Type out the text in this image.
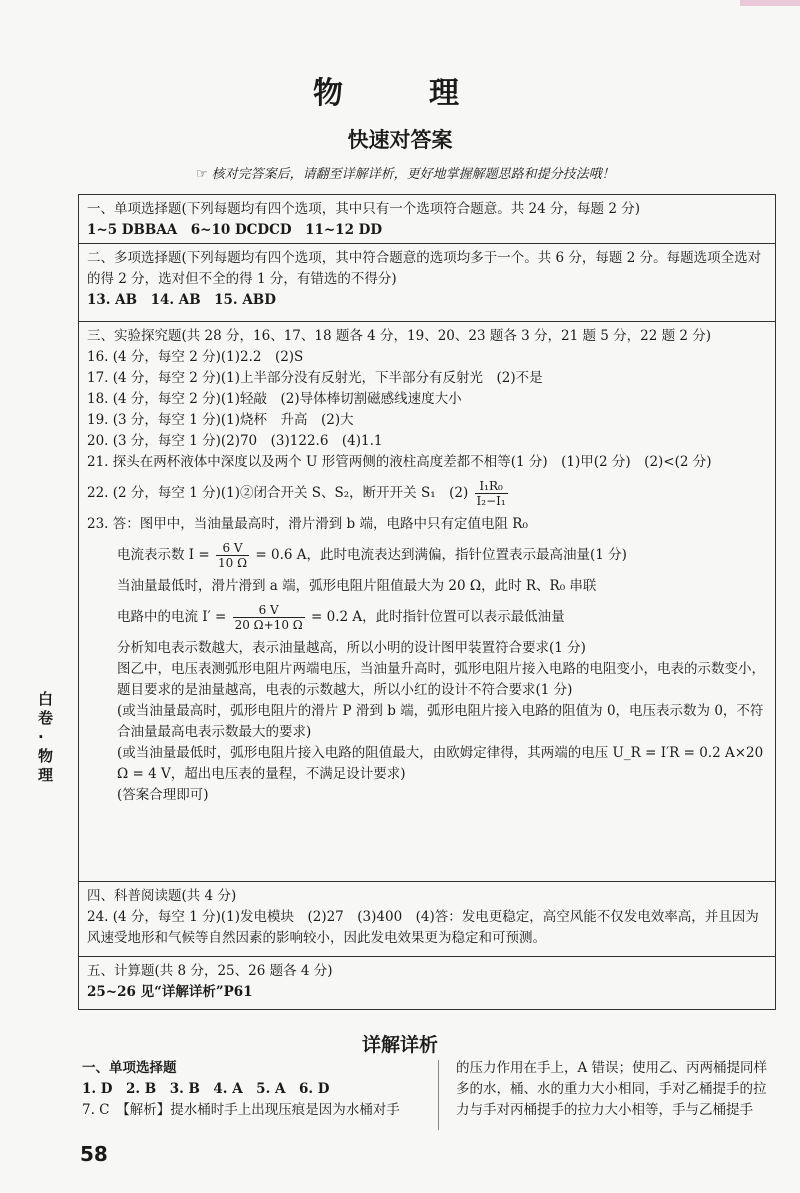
物　理
快速对答案
☞ 核对完答案后，请翻至详解详析，更好地掌握解题思路和提分技法哦！
一、单项选择题(下列每题均有四个选项，其中只有一个选项符合题意。共 24 分，每题 2 分)
1~5 DBBAA　6~10 DCDCD　11~12 DD
二、多项选择题(下列每题均有四个选项，其中符合题意的选项均多于一个。共 6 分，每题 2 分。每题选项全选对的得 2 分，选对但不全的得 1 分，有错选的不得分)
13. AB　14. AB　15. ABD
三、实验探究题(共 28 分，16、17、18 题各 4 分，19、20、23 题各 3 分，21 题 5 分，22 题 2 分)
16. (4 分，每空 2 分)(1)2.2　(2)S
17. (4 分，每空 2 分)(1)上半部分没有反射光，下半部分有反射光　(2)不是
18. (4 分，每空 2 分)(1)轻敲　(2)导体棒切割磁感线速度大小
19. (3 分，每空 1 分)(1)烧杯　升高　(2)大
20. (3 分，每空 1 分)(2)70　(3)122.6　(4)1.1
21. 探头在两杯液体中深度以及两个 U 形管两侧的液柱高度差都不相等(1 分)　(1)甲(2 分)　(2)<(2 分)
22. (2 分，每空 1 分)(1)②闭合开关 S、S₂，断开开关 S₁　$(2) \frac{\text{I₁R₀}}{\text{I₂−I₁}}$
23. 答：图甲中，当油量最高时，滑片滑到 b 端，电路中只有定值电阻 R₀
电流表示数 $I = \frac{6 V}{10 \Omega} = 0.6$ A，此时电流表达到满偏，指针位置表示最高油量(1 分)
当油量最低时，滑片滑到 a 端，弧形电阻片阻值最大为 20 Ω，此时 R、R₀ 串联
电路中的电流 $I' = \frac{6 V}{20 \Omega+10 \Omega} = 0.2$ A，此时指针位置可以表示最低油量
分析知电表示数越大，表示油量越高，所以小明的设计图甲装置符合要求(1 分)
图乙中，电压表测弧形电阻片两端电压，当油量升高时，弧形电阻片接入电路的电阻变小，电表的示数变小，题目要求的是油量越高，电表的示数越大，所以小红的设计不符合要求(1 分)
(或当油量最高时，弧形电阻片的滑片 P 滑到 b 端，弧形电阻片接入电路的阻值为 0，电压表示数为 0，不符合油量最高电表示数最大的要求)
(或当油量最低时，弧形电阻片接入电路的阻值最大，由欧姆定律得，其两端的电压 U_R = I′R = 0.2 A×20 Ω = 4 V，超出电压表的量程，不满足设计要求)
(答案合理即可)
四、科普阅读题(共 4 分)
24. (4 分，每空 1 分)(1)发电模块　(2)27　(3)400　(4)答：发电更稳定，高空风能不仅发电效率高，并且因为风速受地形和气候等自然因素的影响较小，因此发电效果更为稳定和可预测。
五、计算题(共 8 分，25、26 题各 4 分)
25~26 见“详解详析”P61
白卷·物理
详解详析
一、单项选择题
1. D　2. B　3. B　4. A　5. A　6. D
7. C　【解析】提水桶时手上出现压痕是因为水桶对手
的压力作用在手上，A 错误；使用乙、丙两桶提同样多的水，桶、水的重力大小相同，手对乙桶提手的拉力与手对丙桶提手的拉力大小相等，手与乙桶提手
58
